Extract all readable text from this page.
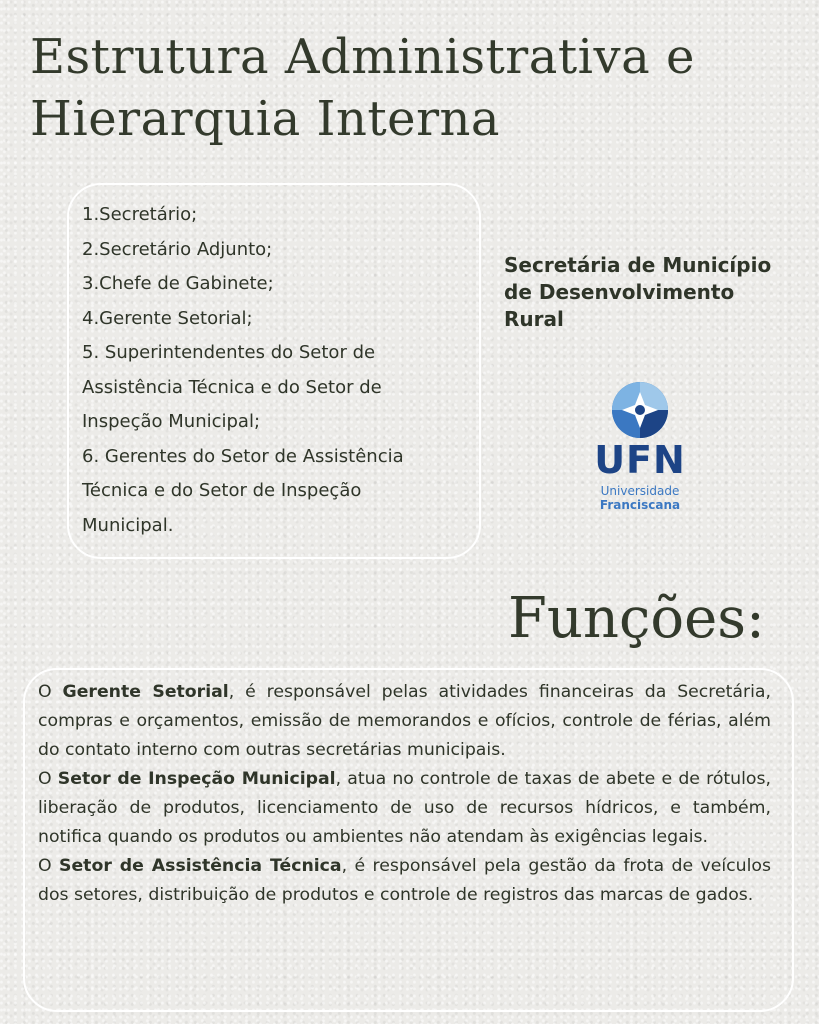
Estrutura Administrativa e
Hierarquia Interna
1.Secretário;
2.Secretário Adjunto;
3.Chefe de Gabinete;
4.Gerente Setorial;
5. Superintendentes do Setor de
Assistência Técnica e do Setor de
Inspeção Municipal;
6. Gerentes do Setor de Assistência
Técnica e do Setor de Inspeção
Municipal.
Secretária de Município
de Desenvolvimento
Rural
UFN
Universidade
Franciscana
Funções:

O Gerente Setorial, é responsável pelas atividades financeiras da Secretária, compras e orçamentos, emissão de memorandos e ofícios, controle de férias, além do contato interno com outras secretárias municipais.

O Setor de Inspeção Municipal, atua no controle de taxas de abete e de rótulos, liberação de produtos, licenciamento de uso de recursos hídricos, e também, notifica quando os produtos ou ambientes não atendam às exigências legais.

O Setor de Assistência Técnica, é responsável pela gestão da frota de veículos dos setores, distribuição de produtos e controle de registros das marcas de gados.
